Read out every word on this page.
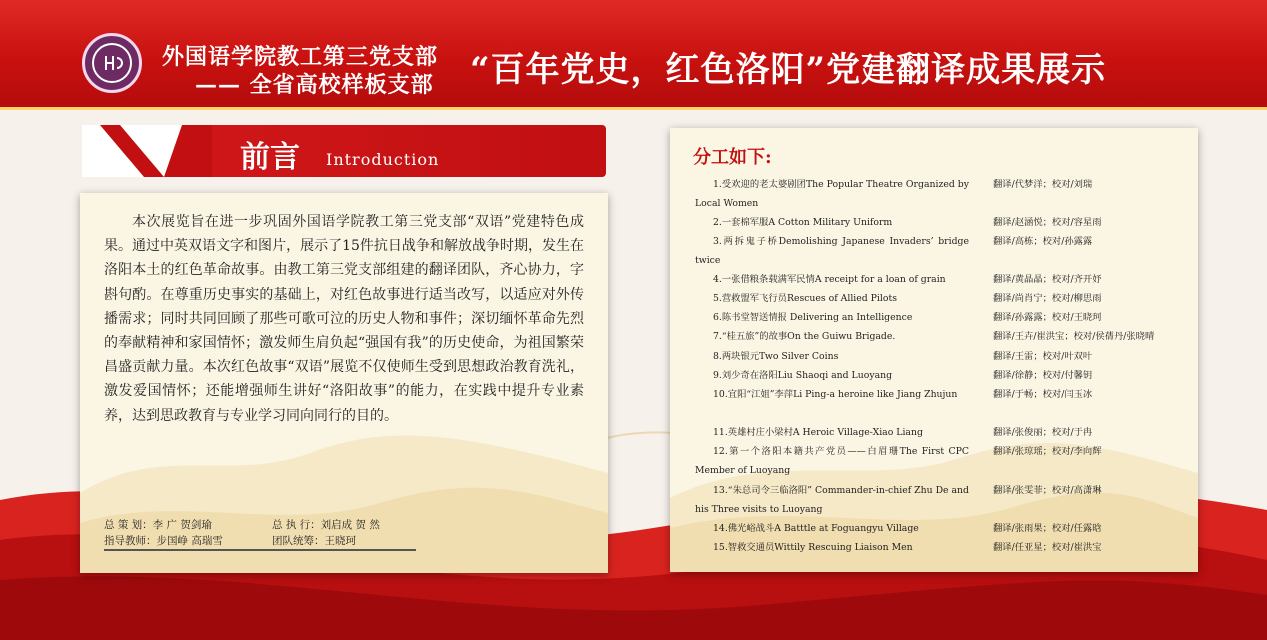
外国语学院教工第三党支部
—— 全省高校样板支部 “百年党史，红色洛阳”党建翻译成果展示
前言 Introduction
本次展览旨在进一步巩固外国语学院教工第三党支部“双语”党建特色成果。通过中英双语文字和图片，展示了15件抗日战争和解放战争时期，发生在洛阳本土的红色革命故事。由教工第三党支部组建的翻译团队，齐心协力，字斟句酌。在尊重历史事实的基础上，对红色故事进行适当改写，以适应对外传播需求；同时共同回顾了那些可歌可泣的历史人物和事件；深切缅怀革命先烈的奉献精神和家国情怀；激发师生肩负起“强国有我”的历史使命，为祖国繁荣昌盛贡献力量。本次红色故事“双语”展览不仅使师生受到思想政治教育洗礼，激发爱国情怀；还能增强师生讲好“洛阳故事”的能力，在实践中提升专业素养，达到思政教育与专业学习同向同行的目的。
总 策 划：李 广 贺剑瑜	总 执 行：刘启成 贺 然
指导教师：步国峥 高瑞雪	团队统筹：王晓珂
分工如下:
1.受欢迎的老太婆剧团The Popular Theatre Organized by Local Women
翻译/代梦洋；校对/刘瑞
2.一套棉军服A Cotton Military Uniform	翻译/赵涵悦；校对/容星雨
3.两拆鬼子桥Demolishing Japanese Invaders’ bridge twice
翻译/高栋；校对/孙露露
4.一张借粮条载满军民情A receipt for a loan of grain	翻译/黄晶晶；校对/齐开妤
5.营救盟军飞行员Rescues of Allied Pilots	翻译/尚肖宁；校对/柳思雨
6.陈书堂智送情报 Delivering an Intelligence	翻译/孙露露；校对/王晓珂
7.“桂五旅”的故事On the Guiwu Brigade.	翻译/王卉/崔洪宝；校对/侯蒨丹/张晓晴
8.两块银元Two Silver Coins	翻译/王雷；校对/叶双叶
9.刘少奇在洛阳Liu Shaoqi and Luoyang	翻译/徐静；校对/付馨钥
10.宜阳“江姐”李萍Li Ping-a heroine like Jiang Zhujun	翻译/于畅；校对/闫玉冰
11.英雄村庄小梁村A Heroic Village-Xiao Liang	翻译/张俊丽；校对/于冉
12.第一个洛阳本籍共产党员——白眉珊The First CPC Member of Luoyang
翻译/张琼瑶；校对/李向辉
13.“朱总司令三临洛阳” Commander-in-chief Zhu De and his Three visits to Luoyang
翻译/张雯菲；校对/高潇琳
14.佛光峪战斗A Batttle at Foguangyu Village	翻译/张雨果；校对/任露晗
15.智救交通员Wittily Rescuing Liaison Men	翻译/任亚星；校对/崔洪宝
